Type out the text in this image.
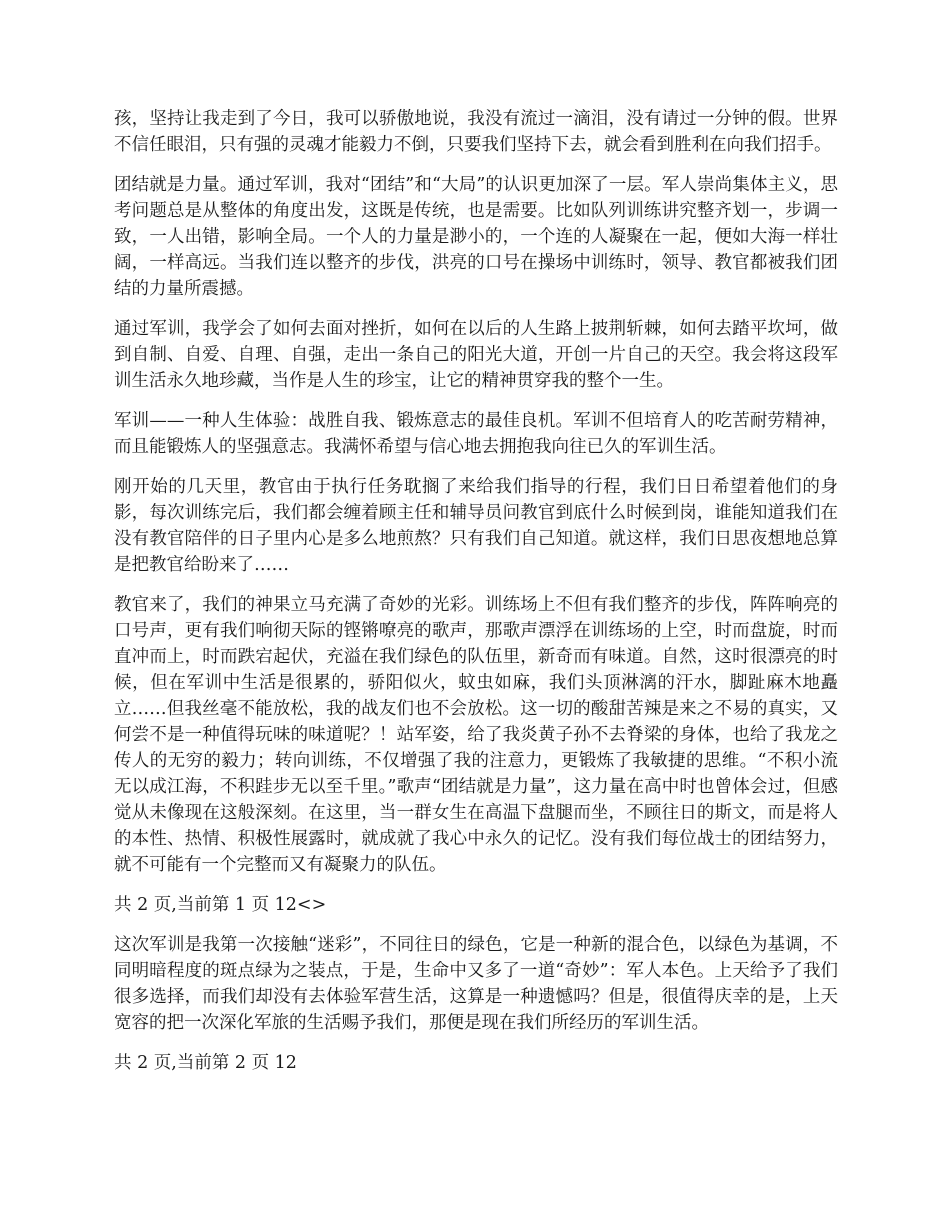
孩，坚持让我走到了今日，我可以骄傲地说，我没有流过一滴泪，没有请过一分钟的假。世界不信任眼泪，只有强的灵魂才能毅力不倒，只要我们坚持下去，就会看到胜利在向我们招手。

团结就是力量。通过军训，我对“团结”和“大局”的认识更加深了一层。军人崇尚集体主义，思考问题总是从整体的角度出发，这既是传统，也是需要。比如队列训练讲究整齐划一，步调一致，一人出错，影响全局。一个人的力量是渺小的，一个连的人凝聚在一起，便如大海一样壮阔，一样高远。当我们连以整齐的步伐，洪亮的口号在操场中训练时，领导、教官都被我们团结的力量所震撼。

通过军训，我学会了如何去面对挫折，如何在以后的人生路上披荆斩棘，如何去踏平坎坷，做到自制、自爱、自理、自强，走出一条自己的阳光大道，开创一片自己的天空。我会将这段军训生活永久地珍藏，当作是人生的珍宝，让它的精神贯穿我的整个一生。

军训——一种人生体验：战胜自我、锻炼意志的最佳良机。军训不但培育人的吃苦耐劳精神，而且能锻炼人的坚强意志。我满怀希望与信心地去拥抱我向往已久的军训生活。

刚开始的几天里，教官由于执行任务耽搁了来给我们指导的行程，我们日日希望着他们的身影，每次训练完后，我们都会缠着顾主任和辅导员问教官到底什么时候到岗，谁能知道我们在没有教官陪伴的日子里内心是多么地煎熬？只有我们自己知道。就这样，我们日思夜想地总算是把教官给盼来了……

教官来了，我们的神果立马充满了奇妙的光彩。训练场上不但有我们整齐的步伐，阵阵响亮的口号声，更有我们响彻天际的铿锵嘹亮的歌声，那歌声漂浮在训练场的上空，时而盘旋，时而直冲而上，时而跌宕起伏，充溢在我们绿色的队伍里，新奇而有味道。自然，这时很漂亮的时候，但在军训中生活是很累的，骄阳似火，蚊虫如麻，我们头顶淋漓的汗水，脚趾麻木地矗立……但我丝毫不能放松，我的战友们也不会放松。这一切的酸甜苦辣是来之不易的真实，又何尝不是一种值得玩味的味道呢？！站军姿，给了我炎黄子孙不去脊梁的身体，也给了我龙之传人的无穷的毅力；转向训练，不仅增强了我的注意力，更锻炼了我敏捷的思维。“不积小流无以成江海，不积跬步无以至千里。”歌声“团结就是力量”，这力量在高中时也曾体会过，但感觉从未像现在这般深刻。在这里，当一群女生在高温下盘腿而坐，不顾往日的斯文，而是将人的本性、热情、积极性展露时，就成就了我心中永久的记忆。没有我们每位战士的团结努力，就不可能有一个完整而又有凝聚力的队伍。

共 2 页,当前第 1 页 12<>

这次军训是我第一次接触“迷彩”，不同往日的绿色，它是一种新的混合色，以绿色为基调，不同明暗程度的斑点绿为之装点，于是，生命中又多了一道“奇妙”：军人本色。上天给予了我们很多选择，而我们却没有去体验军营生活，这算是一种遗憾吗？但是，很值得庆幸的是，上天宽容的把一次深化军旅的生活赐予我们，那便是现在我们所经历的军训生活。

共 2 页,当前第 2 页 12
